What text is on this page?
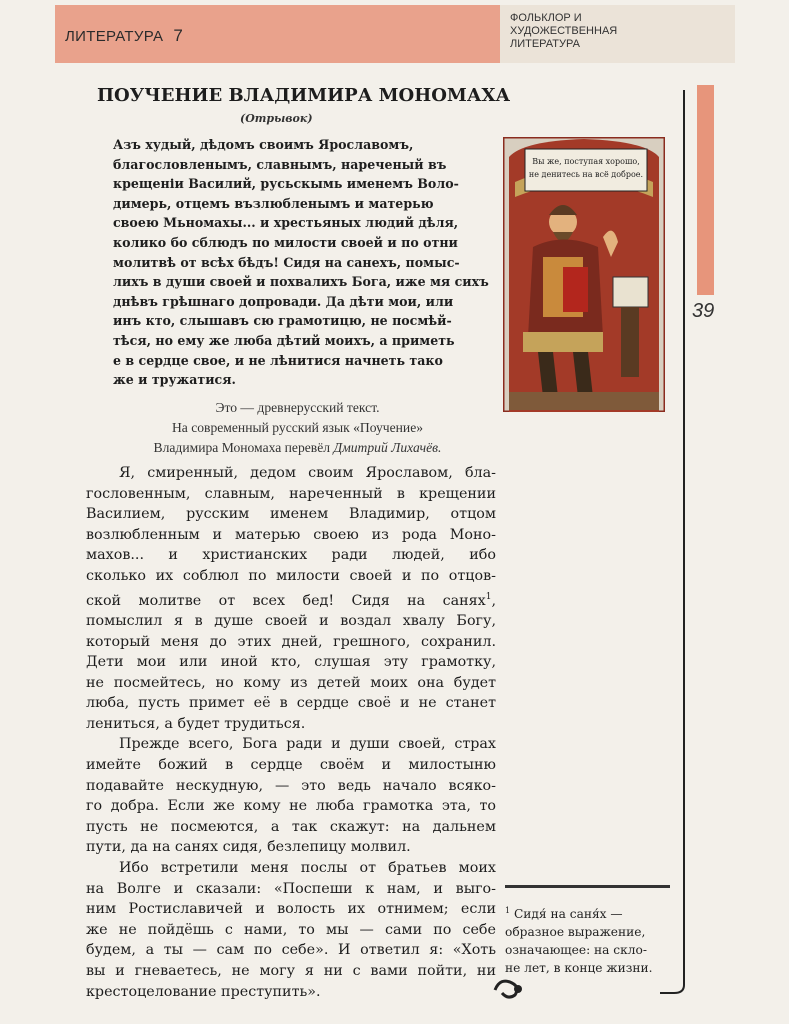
ЛИТЕРАТУРА 7
ФОЛЬКЛОР И
ХУДОЖЕСТВЕННАЯ
ЛИТЕРАТУРА
39
ПОУЧЕНИЕ ВЛАДИМИРА МОНОМАХА
(Отрывок)
Азъ худый, дѣдомъ своимъ Ярославомъ,
благословленымъ, славнымъ, нареченый въ
крещеніи Василий, русьскымь именемъ Воло-
димерь, отцемъ възлюбленымъ и матерью
своею Мьномахы... и хрестьяных людий дѣля,
колико бо сблюдъ по милости своей и по отни
молитвѣ от всѣх бѣдъ! Сидя на санехъ, помыс-
лихъ в души своей и похвалихъ Бога, иже мя сихъ
днѣвъ грѣшнаго допровади. Да дѣти мои, или
инъ кто, слышавъ сю грамотицю, не посмѣй-
тѣся, но ему же люба дѣтий моихъ, а приметь
е в сердце свое, и не лѣнитися начнеть тако
же и тружатися.
Вы же, поступая хорошо,
не денитесь на всё доброе.
Это — древнерусский текст.
На современный русский язык «Поучение»
Владимира Мономаха перевёл Дмитрий Лихачёв.
Я, смиренный, дедом своим Ярославом, бла-
гословенным, славным, нареченный в крещении
Василием, русским именем Владимир, отцом
возлюбленным и матерью своею из рода Моно-
махов... и христианских ради людей, ибо
сколько их соблюл по милости своей и по отцов-
ской молитве от всех бед! Сидя на санях$^1$,
помыслил я в душе своей и воздал хвалу Богу,
который меня до этих дней, грешного, сохранил.
Дети мои или иной кто, слушая эту грамотку,
не посмейтесь, но кому из детей моих она будет
люба, пусть примет её в сердце своё и не станет
лениться, а будет трудиться.
Прежде всего, Бога ради и души своей, страх
имейте божий в сердце своём и милостыню
подавайте нескудную, — это ведь начало всяко-
го добра. Если же кому не люба грамотка эта, то
пусть не посмеются, а так скажут: на дальнем
пути, да на санях сидя, безлепицу молвил.
Ибо встретили меня послы от братьев моих
на Волге и сказали: «Поспеши к нам, и выго-
ним Ростиславичей и волость их отнимем; если
же не пойдёшь с нами, то мы — сами по себе
будем, а ты — сам по себе». И ответил я: «Хоть
вы и гневаетесь, не могу я ни с вами пойти, ни
крестоцелование преступить».
$^1$ Сидя́ на саня́х —
образное выражение,
означающее: на скло-
не лет, в конце жизни.
